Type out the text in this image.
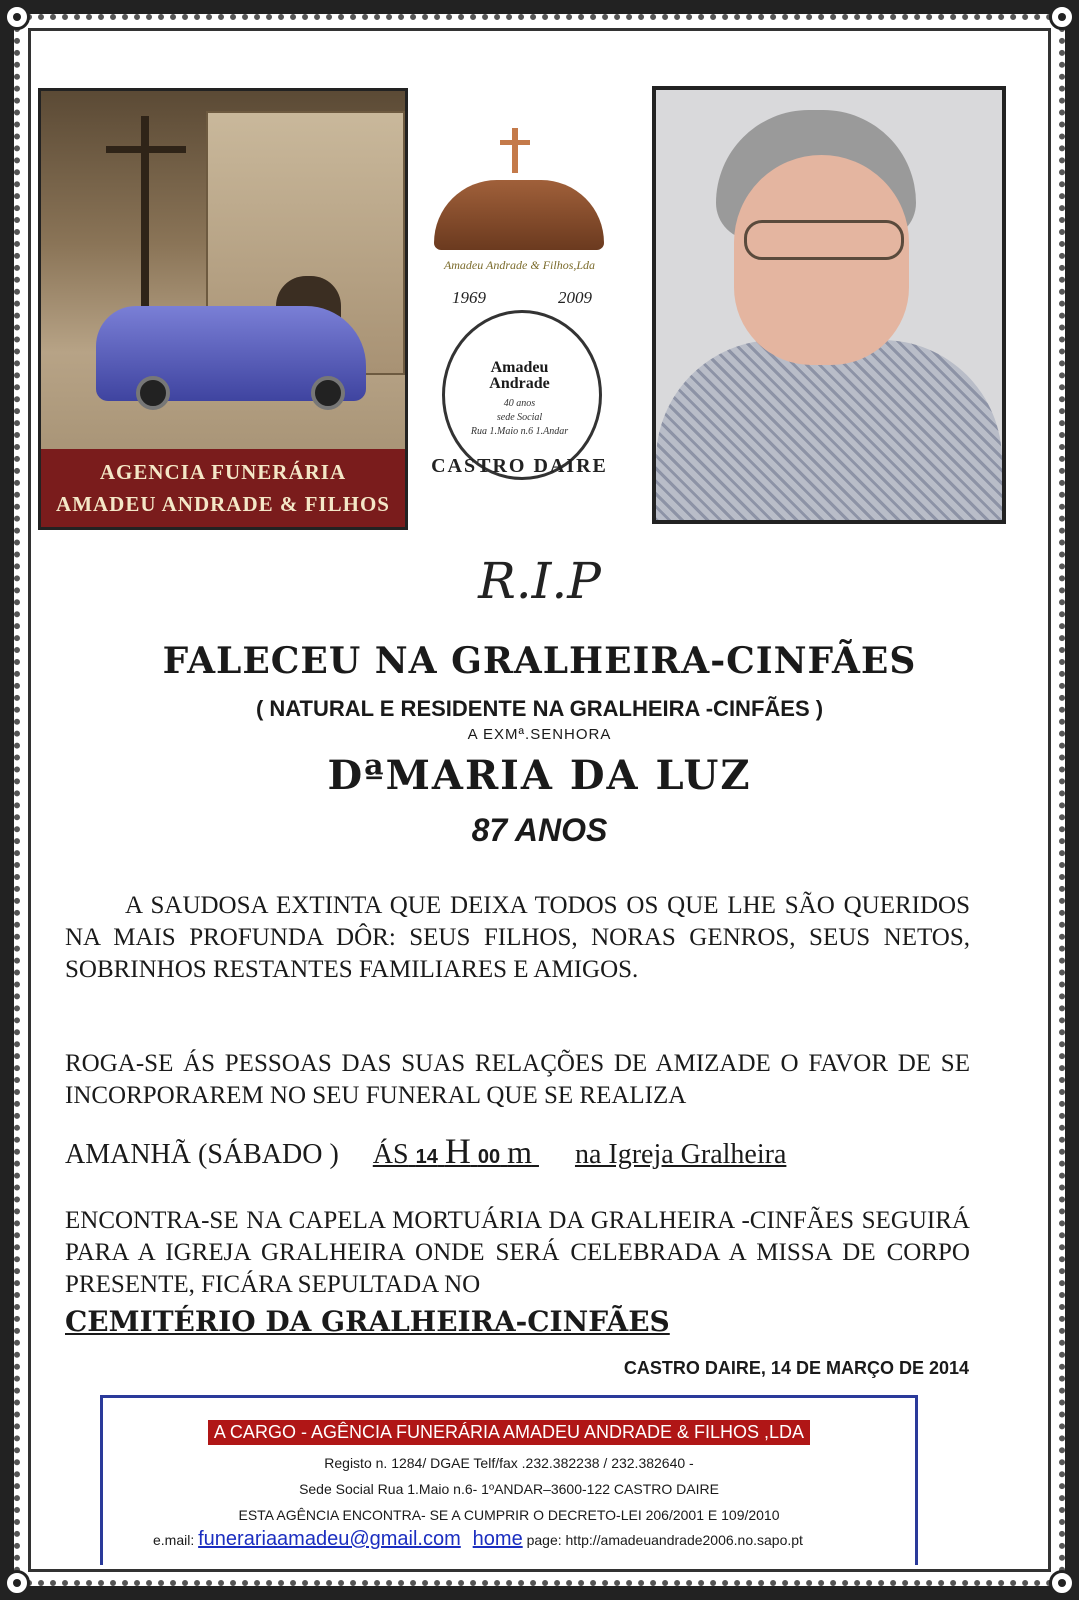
AGENCIA FUNERÁRIA
AMADEU ANDRADE & FILHOS
Amadeu Andrade & Filhos,Lda
1969	2009
Amadeu
Andrade
40 anos
sede Social
Rua 1.Maio n.6 1.Andar
CASTRO DAIRE
R.I.P
FALECEU NA GRALHEIRA-CINFÃES
( NATURAL E RESIDENTE NA GRALHEIRA -CINFÃES )
A EXMª.SENHORA
DªMARIA DA LUZ
87 ANOS
A SAUDOSA EXTINTA QUE DEIXA TODOS OS QUE LHE SÃO QUERIDOS NA MAIS PROFUNDA DÔR: SEUS FILHOS, NORAS GENROS, SEUS NETOS, SOBRINHOS RESTANTES FAMILIARES E AMIGOS.
ROGA-SE ÁS PESSOAS DAS SUAS RELAÇÕES DE AMIZADE O FAVOR DE SE INCORPORAREM NO SEU FUNERAL QUE SE REALIZA
AMANHÃ (SÁBADO ) ÁS 14 H 00 m na Igreja Gralheira
ENCONTRA-SE NA CAPELA MORTUÁRIA DA GRALHEIRA -CINFÃES SEGUIRÁ PARA A IGREJA GRALHEIRA ONDE SERÁ CELEBRADA A MISSA DE CORPO PRESENTE, FICÁRA SEPULTADA NO
CEMITÉRIO DA GRALHEIRA-CINFÃES
CASTRO DAIRE, 14 DE MARÇO DE 2014
A CARGO - AGÊNCIA FUNERÁRIA AMADEU ANDRADE & FILHOS ,LDA
Registo n. 1284/ DGAE Telf/fax .232.382238 / 232.382640 -
Sede Social Rua 1.Maio n.6- 1ºANDAR–3600-122 CASTRO DAIRE
ESTA AGÊNCIA ENCONTRA- SE A CUMPRIR O DECRETO-LEI 206/2001 E 109/2010
e.mail: funerariaamadeu@gmail.com home page: http://amadeuandrade2006.no.sapo.pt
